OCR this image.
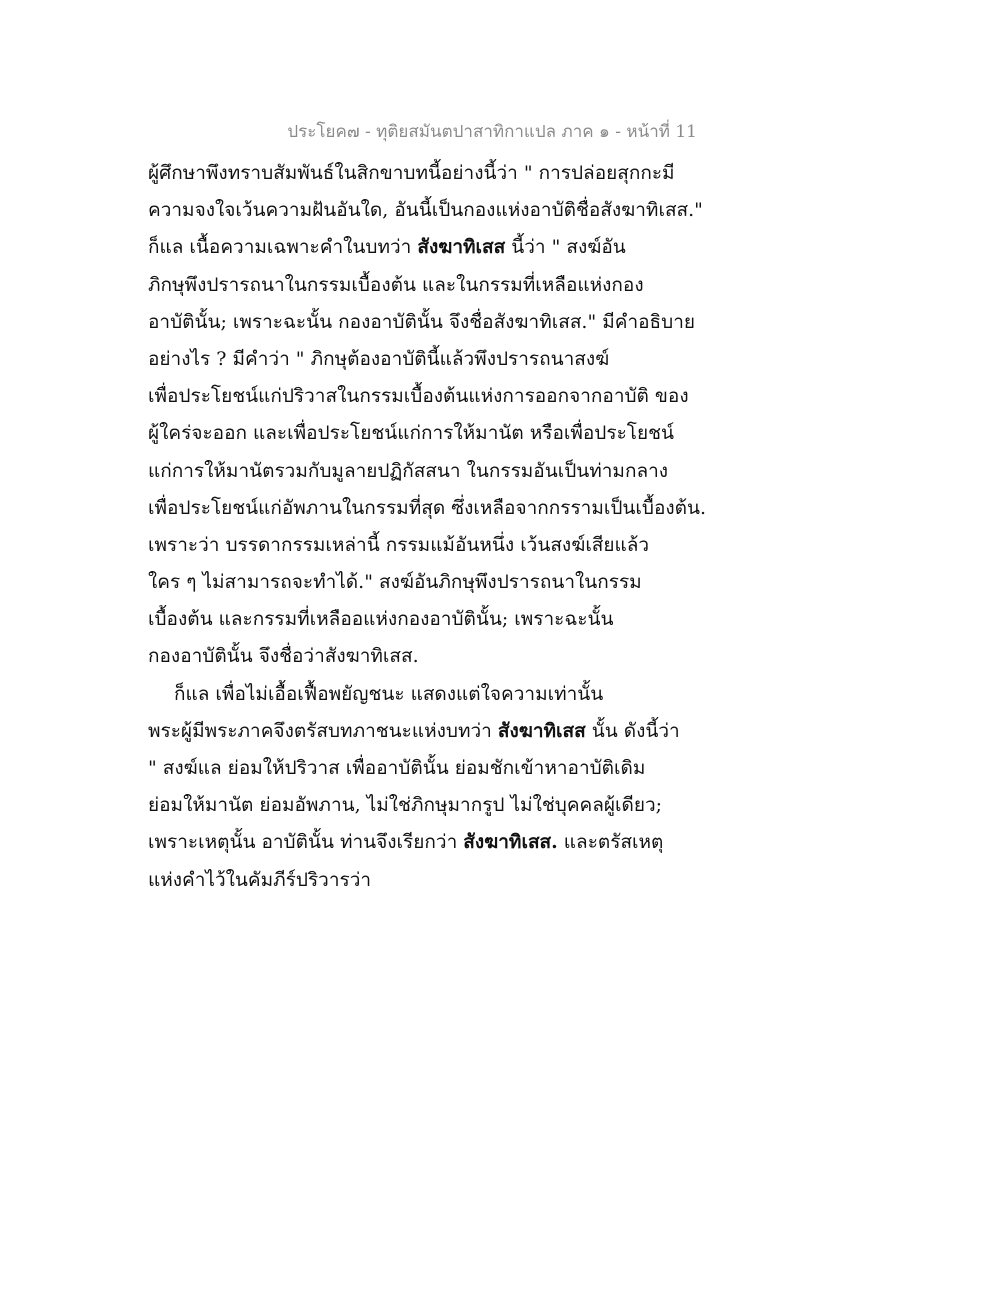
ประโยค๗ - ทุติยสมันตปาสาทิกาแปล ภาค ๑ - หน้าที่ 11
ผู้ศึกษาพึงทราบสัมพันธ์ในสิกขาบทนี้อย่างนี้ว่า " การปล่อยสุกกะมี
ความจงใจเว้นความฝันอันใด, อันนี้เป็นกองแห่งอาบัติชื่อสังฆาทิเสส."
ก็แล เนื้อความเฉพาะคำในบทว่า สังฆาทิเสส นี้ว่า " สงฆ์อัน
ภิกษุพึงปรารถนาในกรรมเบื้องต้น และในกรรมที่เหลือแห่งกอง
อาบัตินั้น; เพราะฉะนั้น กองอาบัตินั้น จึงชื่อสังฆาทิเสส." มีคำอธิบาย
อย่างไร ? มีคำว่า " ภิกษุต้องอาบัตินี้แล้วพึงปรารถนาสงฆ์
เพื่อประโยชน์แก่ปริวาสในกรรมเบื้องต้นแห่งการออกจากอาบัติ ของ
ผู้ใคร่จะออก และเพื่อประโยชน์แก่การให้มานัต หรือเพื่อประโยชน์
แก่การให้มานัตรวมกับมูลายปฏิกัสสนา ในกรรมอันเป็นท่ามกลาง
เพื่อประโยชน์แก่อัพภานในกรรมที่สุด ซึ่งเหลือจากกรรามเป็นเบื้องต้น.
เพราะว่า บรรดากรรมเหล่านี้ กรรมแม้อันหนึ่ง เว้นสงฆ์เสียแล้ว
ใคร ๆ ไม่สามารถจะทำได้." สงฆ์อันภิกษุพึงปรารถนาในกรรม
เบื้องต้น และกรรมที่เหลืออแห่งกองอาบัตินั้น; เพราะฉะนั้น
กองอาบัตินั้น จึงชื่อว่าสังฆาทิเสส.
ก็แล เพื่อไม่เอื้อเฟื้อพยัญชนะ แสดงแต่ใจความเท่านั้น
พระผู้มีพระภาคจึงตรัสบทภาชนะแห่งบทว่า สังฆาทิเสส นั้น ดังนี้ว่า
" สงฆ์แล ย่อมให้ปริวาส เพื่ออาบัตินั้น ย่อมชักเข้าหาอาบัติเดิม
ย่อมให้มานัต ย่อมอัพภาน, ไม่ใช่ภิกษุมากรูป ไม่ใช่บุคคลผู้เดียว;
เพราะเหตุนั้น อาบัตินั้น ท่านจึงเรียกว่า สังฆาทิเสส. และตรัสเหตุ
แห่งคำไว้ในคัมภีร์ปริวารว่า
